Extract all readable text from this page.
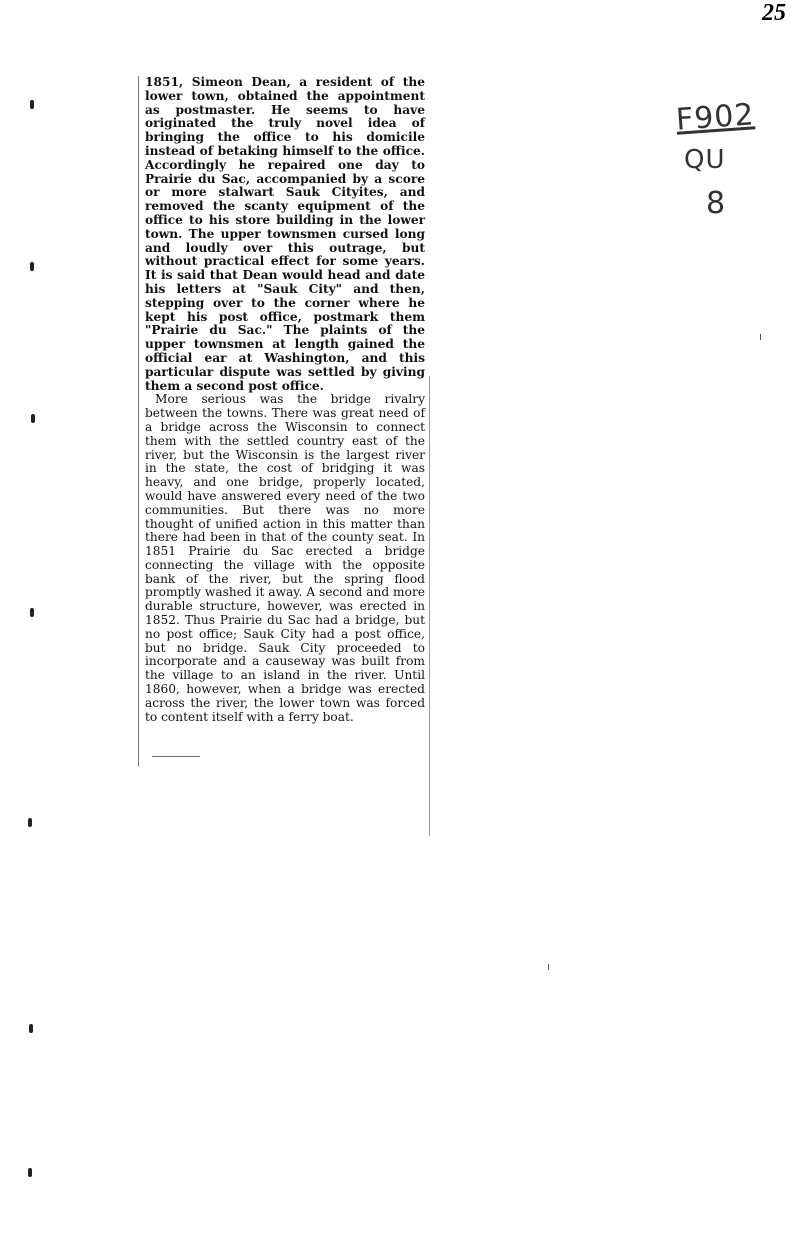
25
F902
QU
8

1851, Simeon Dean, a resident of the lower town, obtained the appointment as postmaster. He seems to have originated the truly novel idea of bringing the office to his domicile instead of betaking himself to the office. Accordingly he repaired one day to Prairie du Sac, accompanied by a score or more stalwart Sauk Cityites, and removed the scanty equipment of the office to his store building in the lower town. The upper townsmen cursed long and loudly over this outrage, but without practical effect for some years. It is said that Dean would head and date his letters at "Sauk City" and then, stepping over to the corner where he kept his post office, postmark them "Prairie du Sac." The plaints of the upper townsmen at length gained the official ear at Washington, and this particular dispute was settled by giving them a second post office.

More serious was the bridge rivalry between the towns. There was great need of a bridge across the Wisconsin to connect them with the settled country east of the river, but the Wisconsin is the largest river in the state, the cost of bridging it was heavy, and one bridge, properly located, would have answered every need of the two communities. But there was no more thought of unified action in this matter than there had been in that of the county seat. In 1851 Prairie du Sac erected a bridge connecting the village with the opposite bank of the river, but the spring flood promptly washed it away. A second and more durable structure, however, was erected in 1852. Thus Prairie du Sac had a bridge, but no post office; Sauk City had a post office, but no bridge. Sauk City proceeded to incorporate and a causeway was built from the village to an island in the river. Until 1860, however, when a bridge was erected across the river, the lower town was forced to content itself with a ferry boat.
